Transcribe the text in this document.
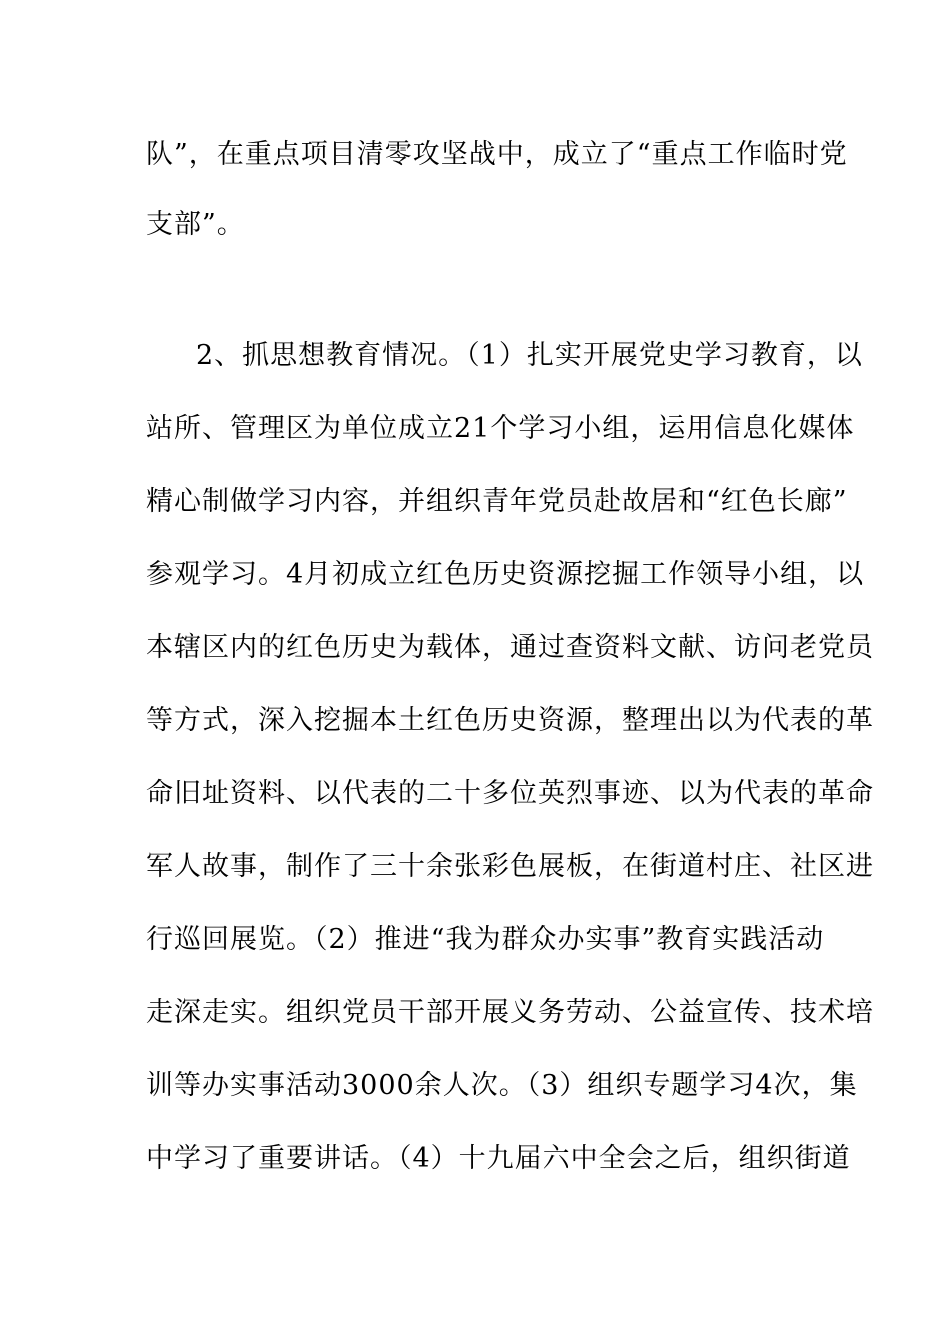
队”，在重点项目清零攻坚战中，成立了“重点工作临时党
支部”。
2、抓思想教育情况。（1）扎实开展党史学习教育，以
站所、管理区为单位成立21个学习小组，运用信息化媒体
精心制做学习内容，并组织青年党员赴故居和“红色长廊”
参观学习。4月初成立红色历史资源挖掘工作领导小组，以
本辖区内的红色历史为载体，通过查资料文献、访问老党员
等方式，深入挖掘本土红色历史资源，整理出以为代表的革
命旧址资料、以代表的二十多位英烈事迹、以为代表的革命
军人故事，制作了三十余张彩色展板，在街道村庄、社区进
行巡回展览。（2）推进“我为群众办实事”教育实践活动
走深走实。组织党员干部开展义务劳动、公益宣传、技术培
训等办实事活动3000余人次。（3）组织专题学习4次，集
中学习了重要讲话。（4）十九届六中全会之后，组织街道
